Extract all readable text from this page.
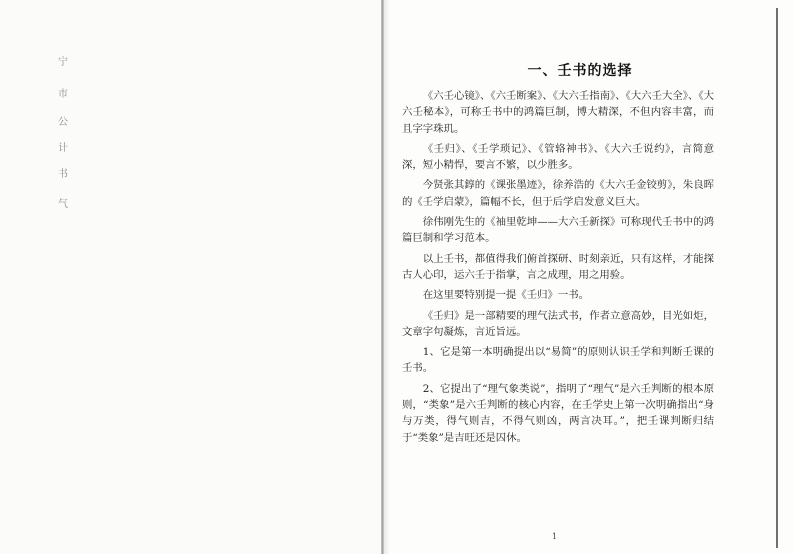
宁
市
公
计
书
气
一、壬书的选择

《六壬心镜》、《六壬断案》、《大六壬指南》、《大六壬大全》、《大六壬秘本》，可称壬书中的鸿篇巨制，博大精深，不但内容丰富，而且字字珠玑。

《壬归》、《壬学琐记》、《管辂神书》、《大六壬说约》，言简意深，短小精悍，要言不繁，以少胜多。

今贤张其錞的《课张墨迹》，徐养浩的《大六壬金铰剪》，朱良晖的《壬学启蒙》，篇幅不长，但于后学启发意义巨大。

徐伟刚先生的《袖里乾坤——大六壬新探》可称现代壬书中的鸿篇巨制和学习范本。

以上壬书，都值得我们俯首探研、时刻亲近，只有这样，才能探古人心印，运六壬于指掌，言之成理，用之用验。

在这里要特别提一提《壬归》一书。

《壬归》是一部精要的理气法式书，作者立意高妙，目光如炬，文章字句凝炼，言近旨远。

1、它是第一本明确提出以“易简”的原则认识壬学和判断壬课的壬书。

2、它提出了“理气象类说”，指明了“理气”是六壬判断的根本原则，“类象”是六壬判断的核心内容，在壬学史上第一次明确指出“身与万类，得气则吉，不得气则凶，两言决耳。”，把壬课判断归结于“类象”是吉旺还是囚休。

1
